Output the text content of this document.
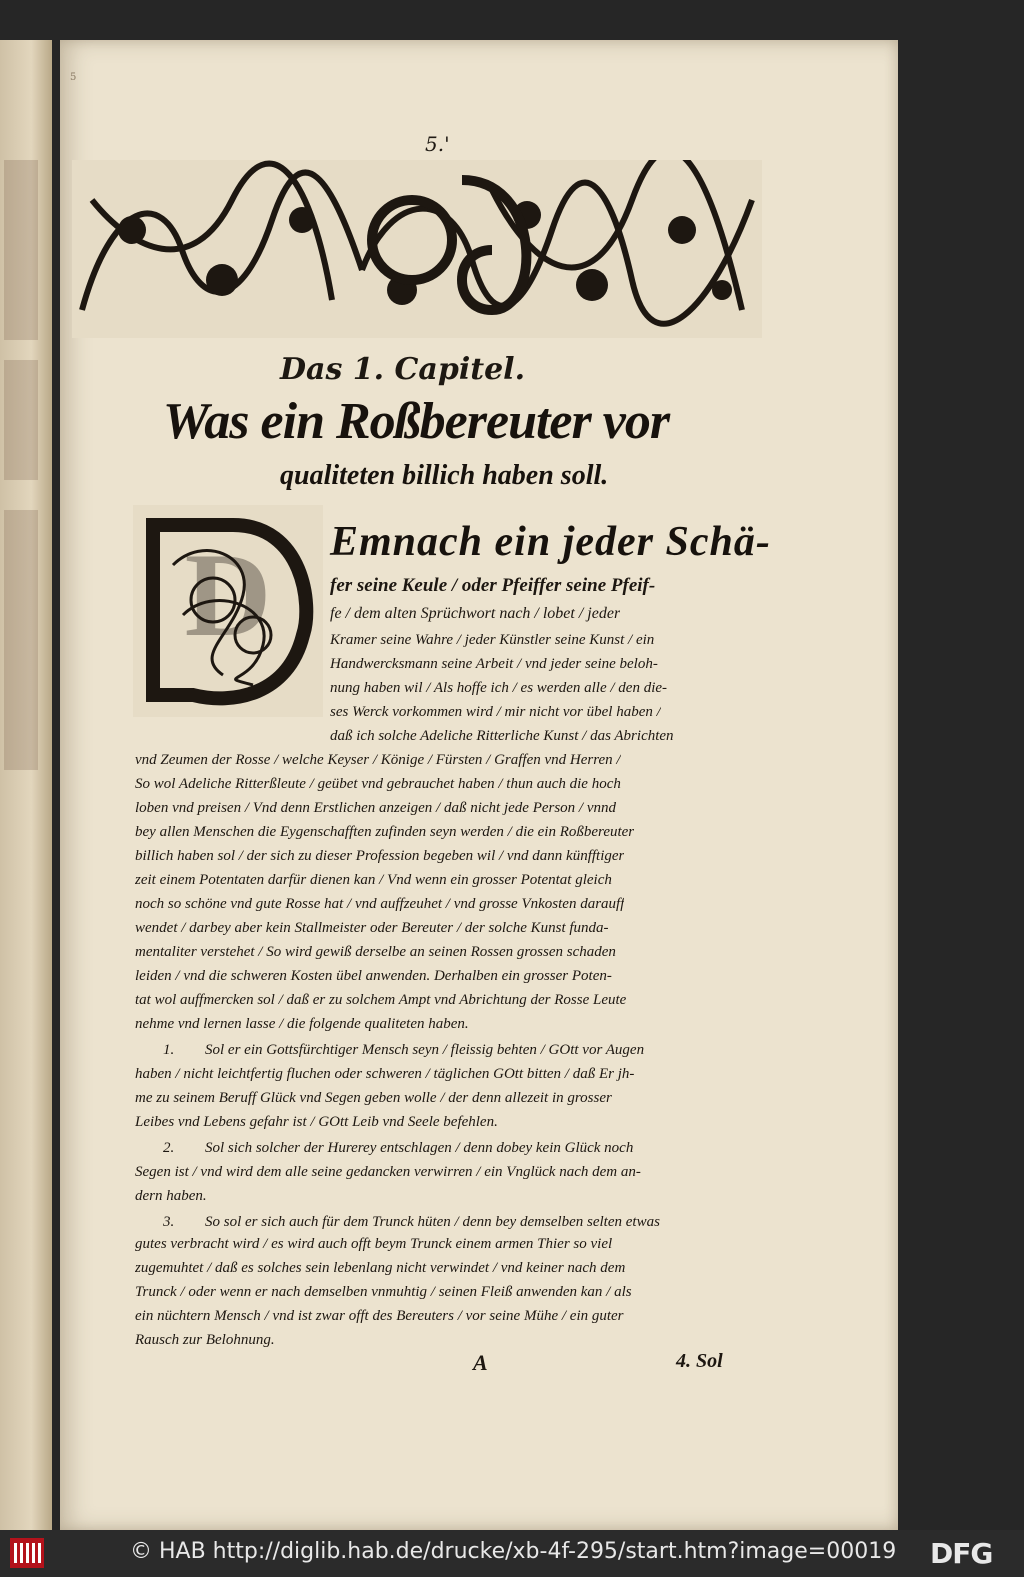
5
5.'
Das 1. Capitel.
Was ein Roßbereuter vor
qualiteten billich haben soll.
D Emnach ein jeder Schä-
fer seine Keule / oder Pfeiffer seine Pfeif-
fe / dem alten Sprüchwort nach / lobet / jeder
Kramer seine Wahre / jeder Künstler seine Kunst / ein
Handwercksmann seine Arbeit / vnd jeder seine beloh-
nung haben wil / Als hoffe ich / es werden alle / den die-
ses Werck vorkommen wird / mir nicht vor übel haben /
daß ich solche Adeliche Ritterliche Kunst / das Abrichten
vnd Zeumen der Rosse / welche Keyser / Könige / Fürsten / Graffen vnd Herren /
So wol Adeliche Ritterßleute / geübet vnd gebrauchet haben / thun auch die hoch
loben vnd preisen / Vnd denn Erstlichen anzeigen / daß nicht jede Person / vnnd
bey allen Menschen die Eygenschafften zufinden seyn werden / die ein Roßbereuter
billich haben sol / der sich zu dieser Profession begeben wil / vnd dann künfftiger
zeit einem Potentaten darfür dienen kan / Vnd wenn ein grosser Potentat gleich
noch so schöne vnd gute Rosse hat / vnd auffzeuhet / vnd grosse Vnkosten darauff
wendet / darbey aber kein Stallmeister oder Bereuter / der solche Kunst funda-
mentaliter verstehet / So wird gewiß derselbe an seinen Rossen grossen schaden
leiden / vnd die schweren Kosten übel anwenden. Derhalben ein grosser Poten-
tat wol auffmercken sol / daß er zu solchem Ampt vnd Abrichtung der Rosse Leute
nehme vnd lernen lasse / die folgende qualiteten haben.
1. Sol er ein Gottsfürchtiger Mensch seyn / fleissig behten / GOtt vor Augen
haben / nicht leichtfertig fluchen oder schweren / täglichen GOtt bitten / daß Er jh-
me zu seinem Beruff Glück vnd Segen geben wolle / der denn allezeit in grosser
Leibes vnd Lebens gefahr ist / GOtt Leib vnd Seele befehlen.
2. Sol sich solcher der Hurerey entschlagen / denn dobey kein Glück noch
Segen ist / vnd wird dem alle seine gedancken verwirren / ein Vnglück nach dem an-
dern haben.
3. So sol er sich auch für dem Trunck hüten / denn bey demselben selten etwas
gutes verbracht wird / es wird auch offt beym Trunck einem armen Thier so viel
zugemuhtet / daß es solches sein lebenlang nicht verwindet / vnd keiner nach dem
Trunck / oder wenn er nach demselben vnmuhtig / seinen Fleiß anwenden kan / als
ein nüchtern Mensch / vnd ist zwar offt des Bereuters / vor seine Mühe / ein guter
Rausch zur Belohnung.
A	4. Sol
© HAB http://diglib.hab.de/drucke/xb-4f-295/start.htm?image=00019 DFG
